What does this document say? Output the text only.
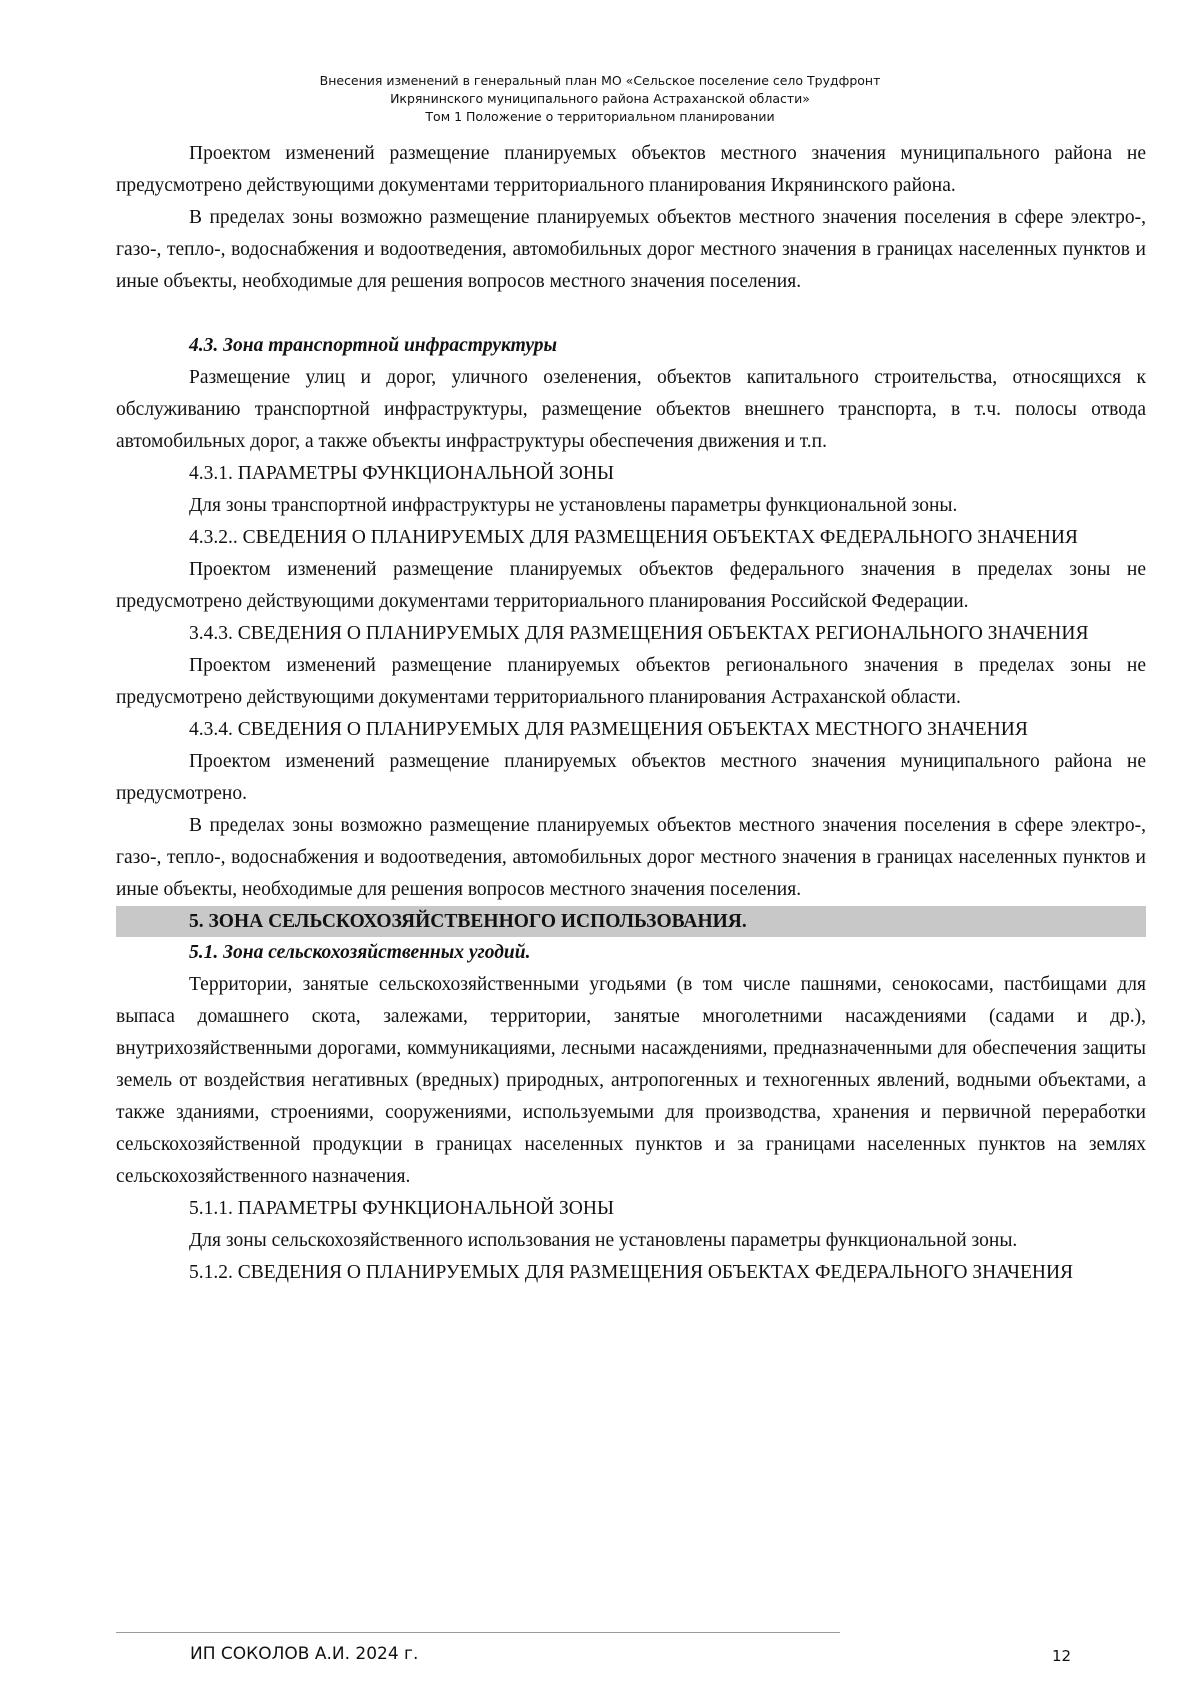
Внесения изменений в генеральный план МО «Сельское поселение село Трудфронт
Икрянинского муниципального района Астраханской области»
Том 1 Положение о территориальном планировании

Проектом изменений размещение планируемых объектов местного значения муниципального района не предусмотрено действующими документами территориального планирования Икрянинского района.

В пределах зоны возможно размещение планируемых объектов местного значения поселения в сфере электро-, газо-, тепло-, водоснабжения и водоотведения, автомобильных дорог местного значения в границах населенных пунктов и иные объекты, необходимые для решения вопросов местного значения поселения.

4.3. Зона транспортной инфраструктуры

Размещение улиц и дорог, уличного озеленения, объектов капитального строительства, относящихся к обслуживанию транспортной инфраструктуры, размещение объектов внешнего транспорта, в т.ч. полосы отвода автомобильных дорог, а также объекты инфраструктуры обеспечения движения и т.п.

4.3.1. ПАРАМЕТРЫ ФУНКЦИОНАЛЬНОЙ ЗОНЫ

Для зоны транспортной инфраструктуры не установлены параметры функциональной зоны.

4.3.2.. СВЕДЕНИЯ О ПЛАНИРУЕМЫХ ДЛЯ РАЗМЕЩЕНИЯ ОБЪЕКТАХ ФЕДЕРАЛЬНОГО ЗНАЧЕНИЯ

Проектом изменений размещение планируемых объектов федерального значения в пределах зоны не предусмотрено действующими документами территориального планирования Российской Федерации.

3.4.3. СВЕДЕНИЯ О ПЛАНИРУЕМЫХ ДЛЯ РАЗМЕЩЕНИЯ ОБЪЕКТАХ РЕГИОНАЛЬНОГО ЗНАЧЕНИЯ

Проектом изменений размещение планируемых объектов регионального значения в пределах зоны не предусмотрено действующими документами территориального планирования Астраханской области.

4.3.4. СВЕДЕНИЯ О ПЛАНИРУЕМЫХ ДЛЯ РАЗМЕЩЕНИЯ ОБЪЕКТАХ МЕСТНОГО ЗНАЧЕНИЯ

Проектом изменений размещение планируемых объектов местного значения муниципального района не предусмотрено.

В пределах зоны возможно размещение планируемых объектов местного значения поселения в сфере электро-, газо-, тепло-, водоснабжения и водоотведения, автомобильных дорог местного значения в границах населенных пунктов и иные объекты, необходимые для решения вопросов местного значения поселения.

5. ЗОНА СЕЛЬСКОХОЗЯЙСТВЕННОГО ИСПОЛЬЗОВАНИЯ.

5.1. Зона сельскохозяйственных угодий.

Территории, занятые сельскохозяйственными угодьями (в том числе пашнями, сенокосами, пастбищами для выпаса домашнего скота, залежами, территории, занятые многолетними насаждениями (садами и др.), внутрихозяйственными дорогами, коммуникациями, лесными насаждениями, предназначенными для обеспечения защиты земель от воздействия негативных (вредных) природных, антропогенных и техногенных явлений, водными объектами, а также зданиями, строениями, сооружениями, используемыми для производства, хранения и первичной переработки сельскохозяйственной продукции в границах населенных пунктов и за границами населенных пунктов на землях сельскохозяйственного назначения.

5.1.1. ПАРАМЕТРЫ ФУНКЦИОНАЛЬНОЙ ЗОНЫ

Для зоны сельскохозяйственного использования не установлены параметры функциональной зоны.

5.1.2. СВЕДЕНИЯ О ПЛАНИРУЕМЫХ ДЛЯ РАЗМЕЩЕНИЯ ОБЪЕКТАХ ФЕДЕРАЛЬНОГО ЗНАЧЕНИЯ

ИП СОКОЛОВ А.И. 2024 г.	12
